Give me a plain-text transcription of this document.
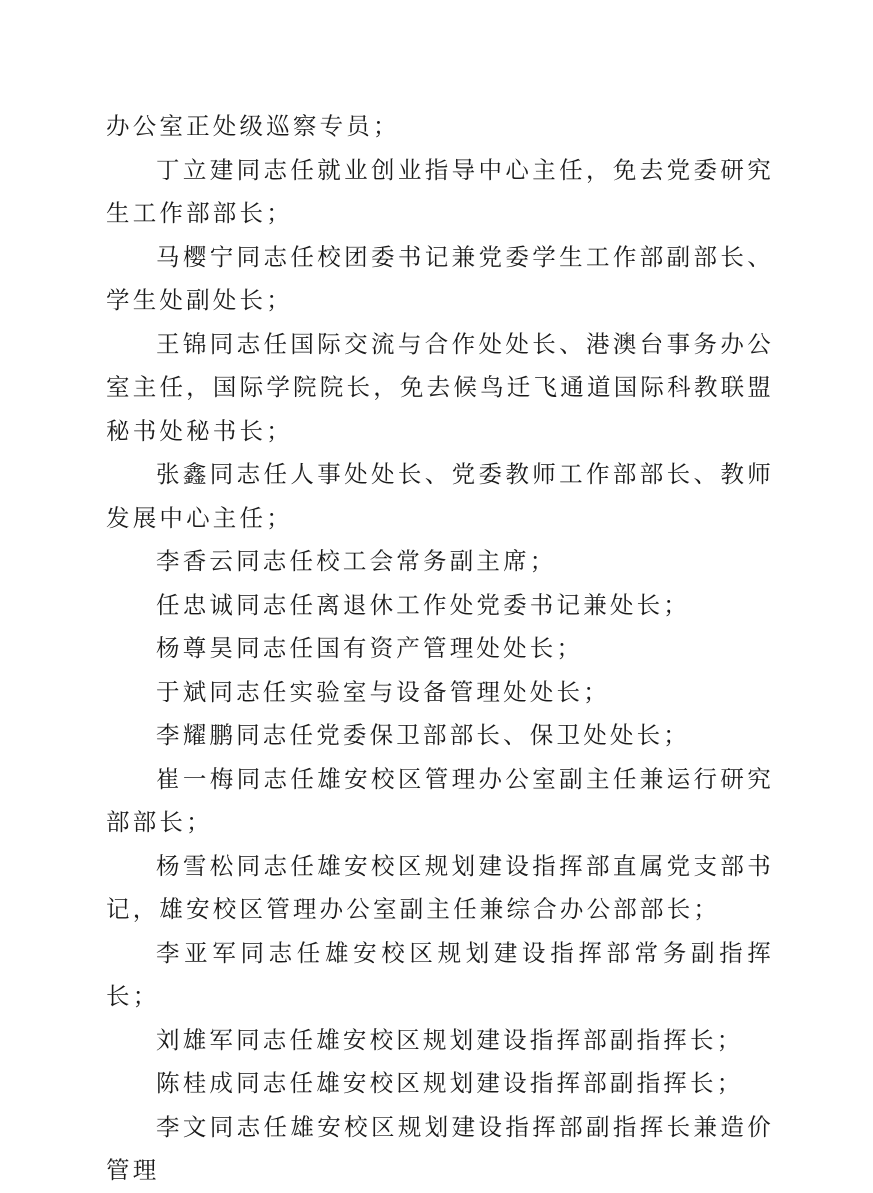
办公室正处级巡察专员；

丁立建同志任就业创业指导中心主任，免去党委研究生工作部部长；

马樱宁同志任校团委书记兼党委学生工作部副部长、学生处副处长；

王锦同志任国际交流与合作处处长、港澳台事务办公室主任，国际学院院长，免去候鸟迁飞通道国际科教联盟秘书处秘书长；

张鑫同志任人事处处长、党委教师工作部部长、教师发展中心主任；

李香云同志任校工会常务副主席；

任忠诚同志任离退休工作处党委书记兼处长；

杨尊昊同志任国有资产管理处处长；

于斌同志任实验室与设备管理处处长；

李耀鹏同志任党委保卫部部长、保卫处处长；

崔一梅同志任雄安校区管理办公室副主任兼运行研究部部长；

杨雪松同志任雄安校区规划建设指挥部直属党支部书记，雄安校区管理办公室副主任兼综合办公部部长；

李亚军同志任雄安校区规划建设指挥部常务副指挥长；

刘雄军同志任雄安校区规划建设指挥部副指挥长；

陈桂成同志任雄安校区规划建设指挥部副指挥长；

李文同志任雄安校区规划建设指挥部副指挥长兼造价管理
